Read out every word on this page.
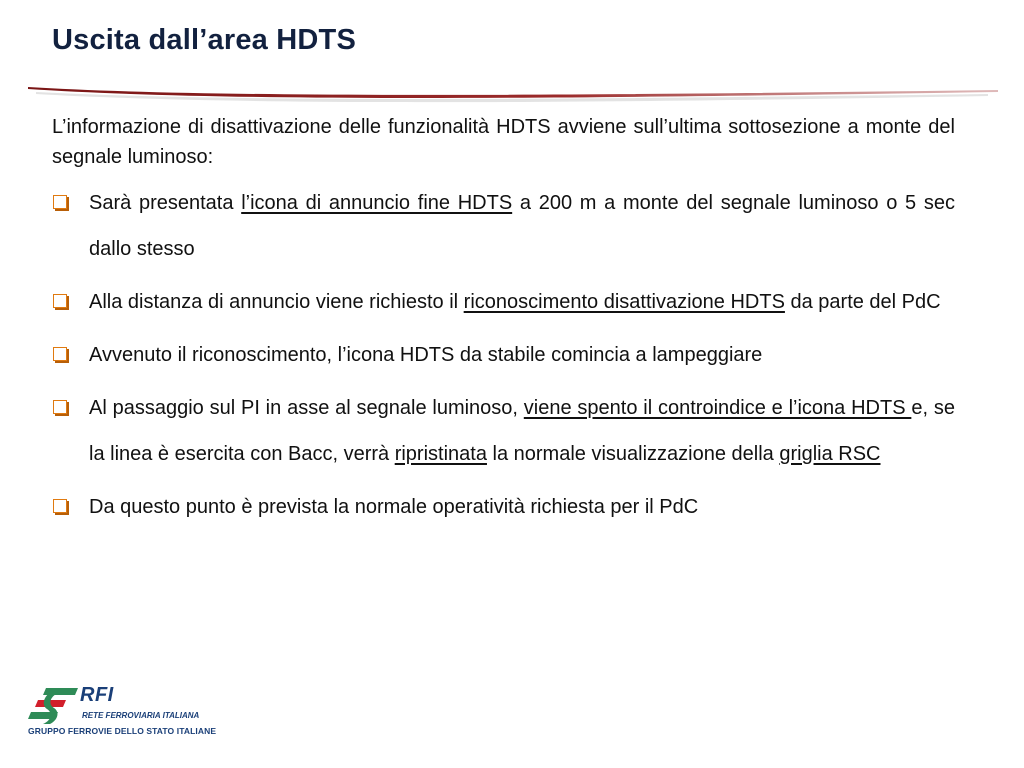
Uscita dall’area HDTS

L’informazione di disattivazione delle funzionalità HDTS avviene sull’ultima sottosezione a monte del segnale luminoso:

Sarà presentata l’icona di annuncio fine HDTS a 200 m a monte del segnale luminoso o 5 sec dallo stesso
Alla distanza di annuncio viene richiesto il riconoscimento disattivazione HDTS da parte del PdC
Avvenuto il riconoscimento, l’icona HDTS da stabile comincia a lampeggiare
Al passaggio sul PI in asse al segnale luminoso, viene spento il controindice e l’icona HDTS e, se la linea è esercita con Bacc, verrà ripristinata la normale visualizzazione della griglia RSC
Da questo punto è prevista la normale operatività richiesta per il PdC
RFI
RETE FERROVIARIA ITALIANA
GRUPPO FERROVIE DELLO STATO ITALIANE
